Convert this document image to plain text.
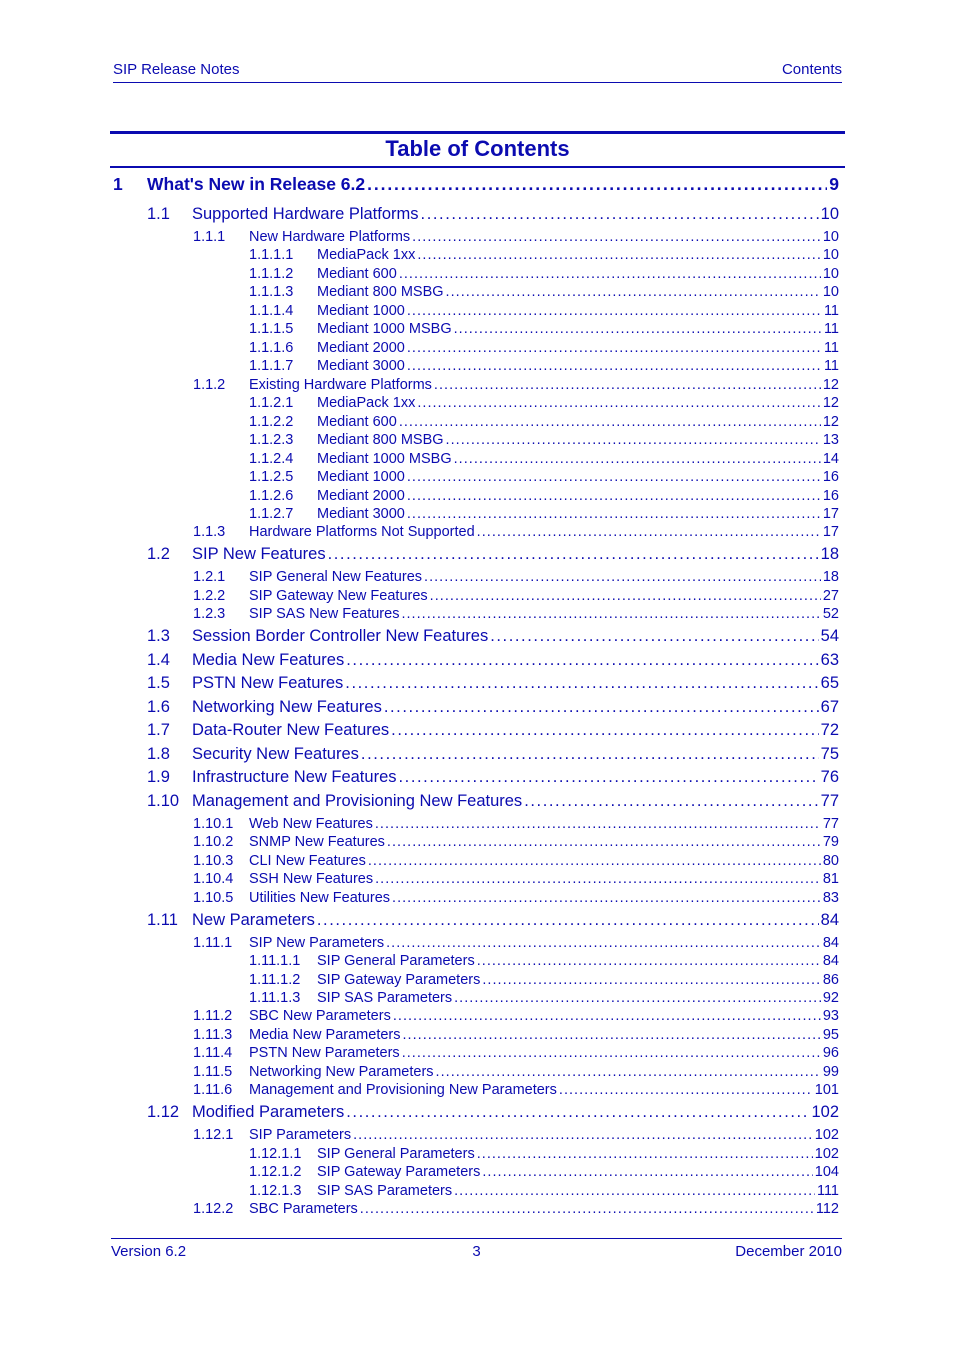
SIP Release Notes	Contents
Table of Contents
1	What's New in Release 6.2 . . .	9
1.1	Supported Hardware Platforms . . .	10
1.1.1	New Hardware Platforms . . .	10
1.1.1.1	MediaPack 1xx . . .	10
1.1.1.2	Mediant 600 . . .	10
1.1.1.3	Mediant 800 MSBG . . .	10
1.1.1.4	Mediant 1000 . . .	11
1.1.1.5	Mediant 1000 MSBG . . .	11
1.1.1.6	Mediant 2000 . . .	11
1.1.1.7	Mediant 3000 . . .	11
1.1.2	Existing Hardware Platforms . . .	12
1.1.2.1	MediaPack 1xx . . .	12
1.1.2.2	Mediant 600 . . .	12
1.1.2.3	Mediant 800 MSBG . . .	13
1.1.2.4	Mediant 1000 MSBG . . .	14
1.1.2.5	Mediant 1000 . . .	16
1.1.2.6	Mediant 2000 . . .	16
1.1.2.7	Mediant 3000 . . .	17
1.1.3	Hardware Platforms Not Supported . . .	17
1.2	SIP New Features . . .	18
1.2.1	SIP General New Features . . .	18
1.2.2	SIP Gateway New Features . . .	27
1.2.3	SIP SAS New Features . . .	52
1.3	Session Border Controller New Features . . .	54
1.4	Media New Features . . .	63
1.5	PSTN New Features . . .	65
1.6	Networking New Features . . .	67
1.7	Data-Router New Features . . .	72
1.8	Security New Features . . .	75
1.9	Infrastructure New Features . . .	76
1.10 Management and Provisioning New Features . . .	77
1.10.1	Web New Features . . .	77
1.10.2	SNMP New Features . . .	79
1.10.3	CLI New Features . . .	80
1.10.4	SSH New Features . . .	81
1.10.5	Utilities New Features . . .	83
1.11 New Parameters . . .	84
1.11.1	SIP New Parameters . . .	84
1.11.1.1	SIP General Parameters . . .	84
1.11.1.2	SIP Gateway Parameters . . .	86
1.11.1.3	SIP SAS Parameters . . .	92
1.11.2	SBC New Parameters . . .	93
1.11.3	Media New Parameters . . .	95
1.11.4	PSTN New Parameters . . .	96
1.11.5	Networking New Parameters . . .	99
1.11.6	Management and Provisioning New Parameters . . .	101
1.12 Modified Parameters . . .	102
1.12.1	SIP Parameters . . .	102
1.12.1.1	SIP General Parameters . . .	102
1.12.1.2	SIP Gateway Parameters . . .	104
1.12.1.3	SIP SAS Parameters . . .	111
1.12.2	SBC Parameters . . .	112
Version 6.2	3	December 2010
